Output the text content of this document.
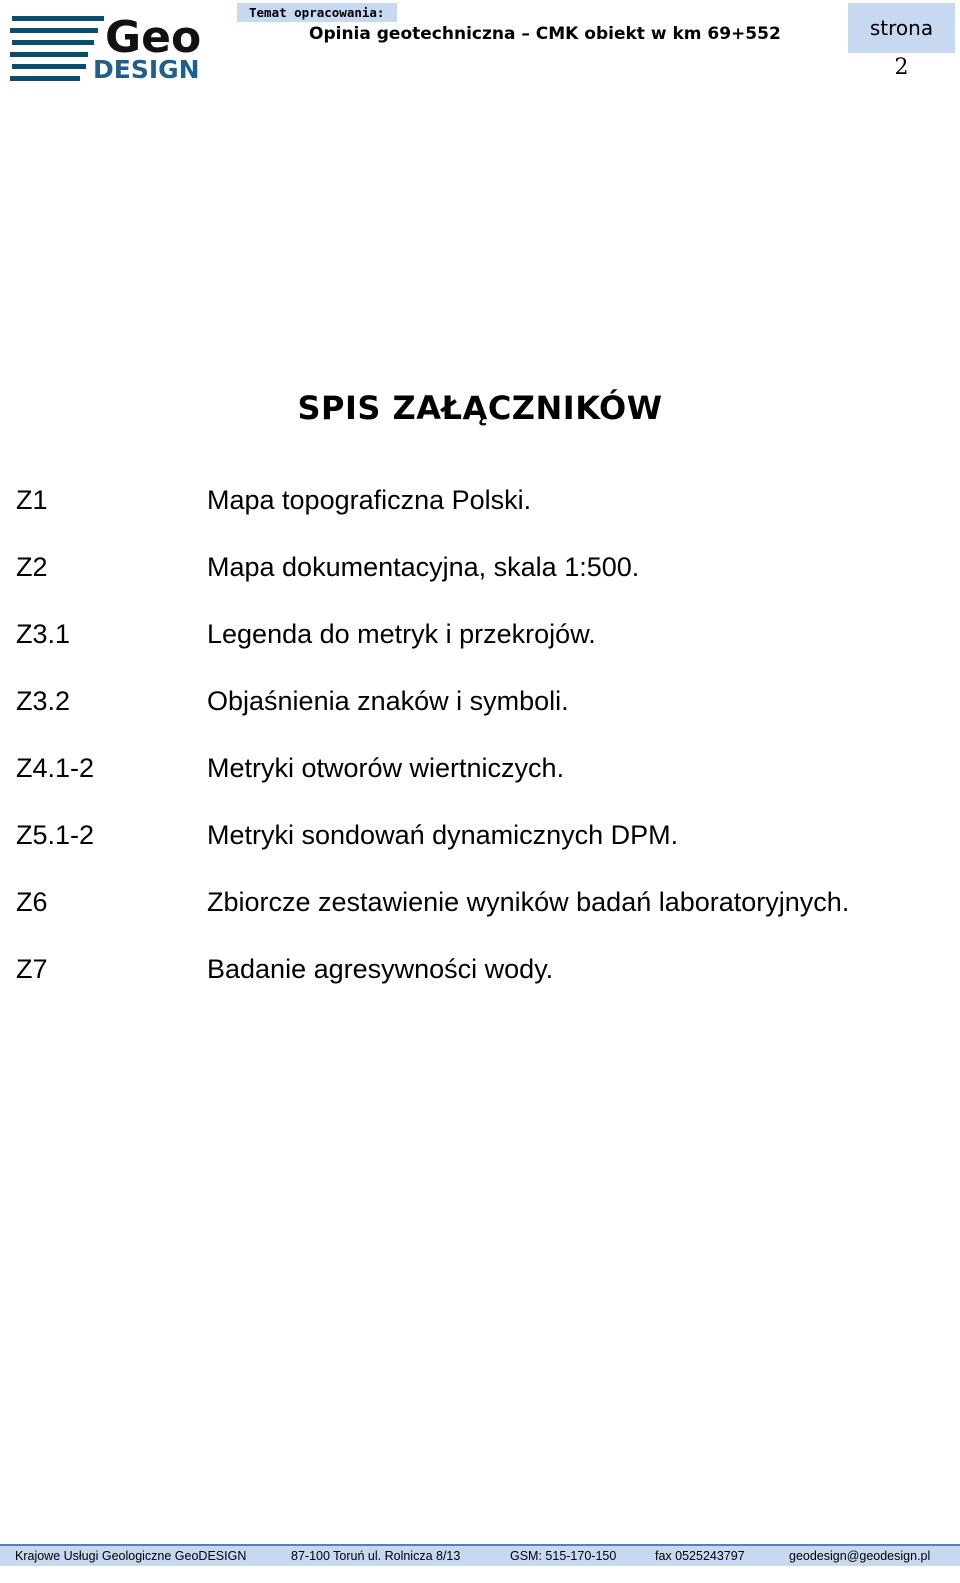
Geo
DESIGN
Temat opracowania:
Opinia geotechniczna – CMK obiekt w km 69+552	strona
2
SPIS ZAŁĄCZNIKÓW
Z1	Mapa topograficzna Polski.
Z2	Mapa dokumentacyjna, skala 1:500.
Z3.1	Legenda do metryk i przekrojów.
Z3.2	Objaśnienia znaków i symboli.
Z4.1-2	Metryki otworów wiertniczych.
Z5.1-2	Metryki sondowań dynamicznych DPM.
Z6	Zbiorcze zestawienie wyników badań laboratoryjnych.
Z7	Badanie agresywności wody.
Krajowe Usługi Geologiczne GeoDESIGN	87-100 Toruń ul. Rolnicza 8/13	GSM: 515-170-150	fax 0525243797	geodesign@geodesign.pl
